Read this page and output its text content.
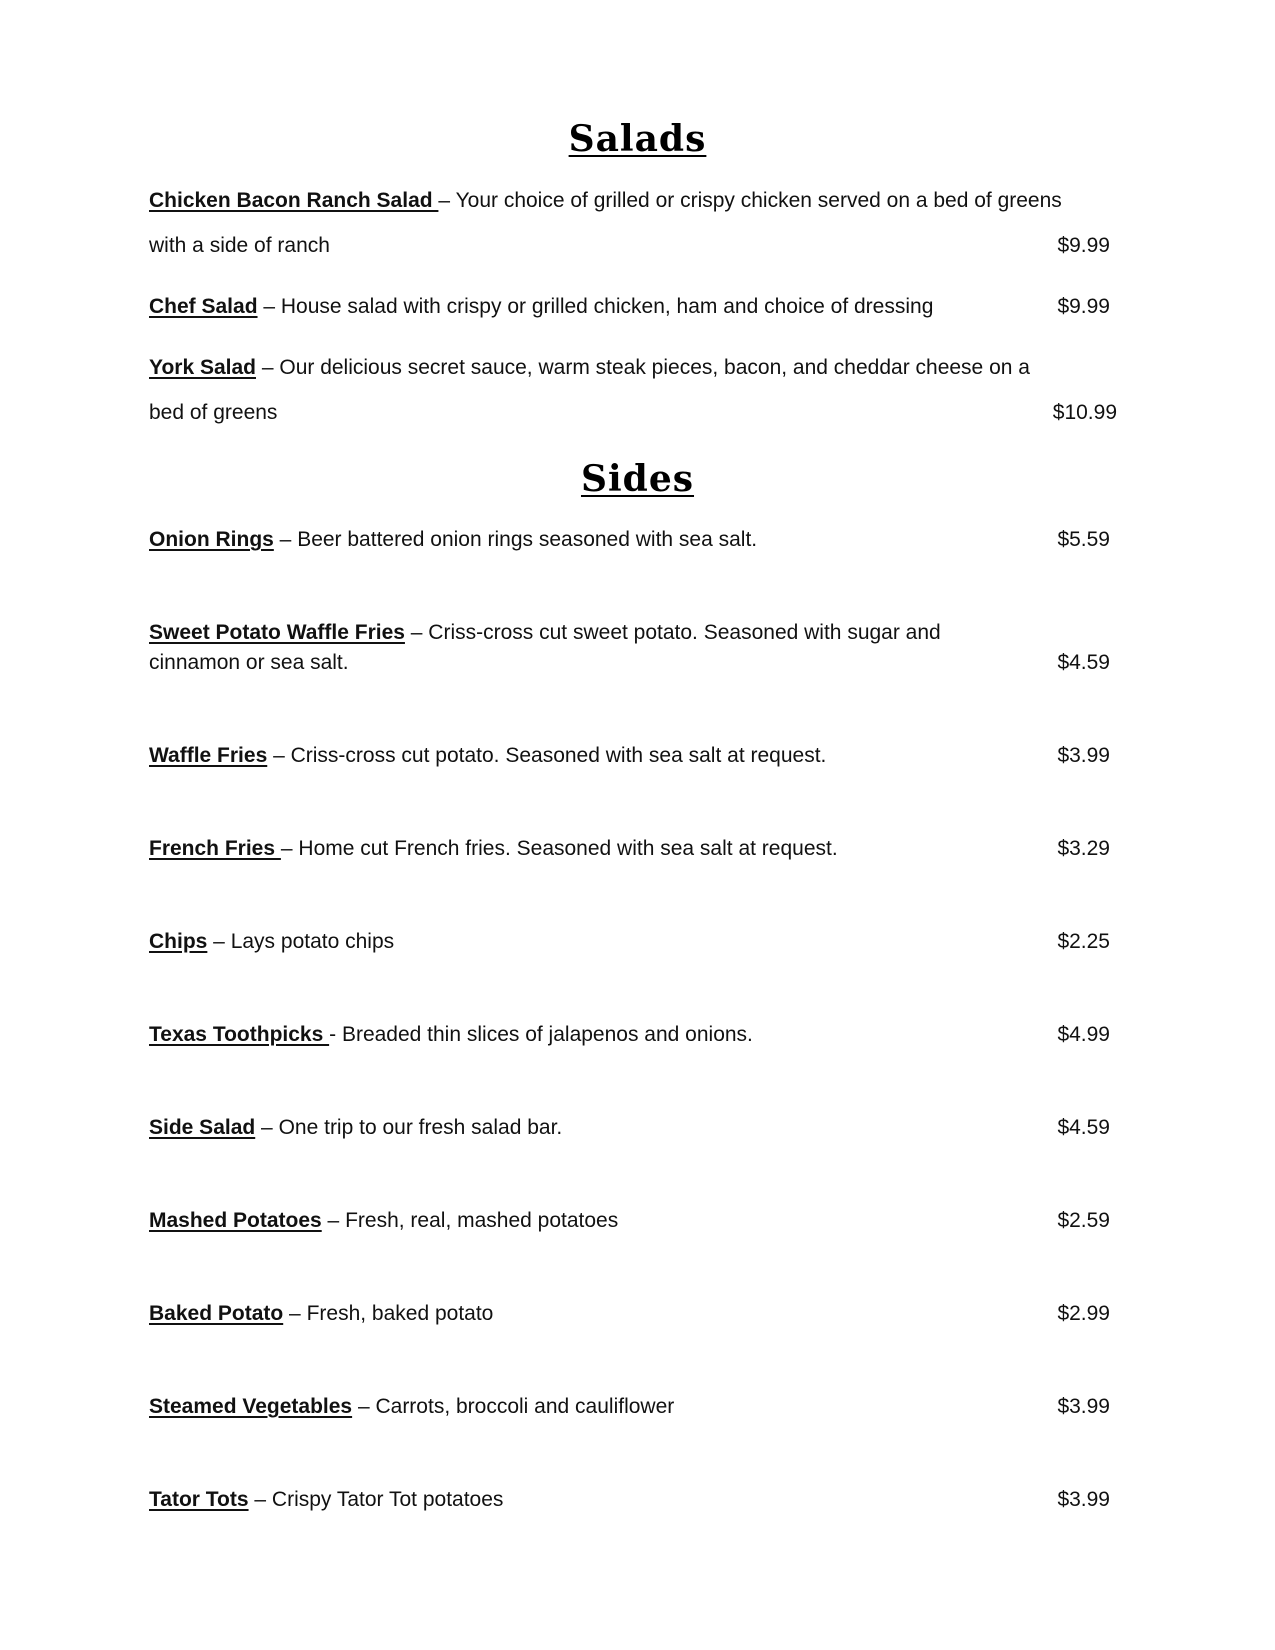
Salads
Chicken Bacon Ranch Salad – Your choice of grilled or crispy chicken served on a bed of greens
with a side of ranch	$9.99
Chef Salad – House salad with crispy or grilled chicken, ham and choice of dressing	$9.99
York Salad – Our delicious secret sauce, warm steak pieces, bacon, and cheddar cheese on a
bed of greens	$10.99
Sides
Onion Rings – Beer battered onion rings seasoned with sea salt.	$5.59
Sweet Potato Waffle Fries – Criss-cross cut sweet potato. Seasoned with sugar and
cinnamon or sea salt.	$4.59
Waffle Fries – Criss-cross cut potato. Seasoned with sea salt at request.	$3.99
French Fries – Home cut French fries. Seasoned with sea salt at request.	$3.29
Chips – Lays potato chips	$2.25
Texas Toothpicks - Breaded thin slices of jalapenos and onions.	$4.99
Side Salad – One trip to our fresh salad bar.	$4.59
Mashed Potatoes – Fresh, real, mashed potatoes	$2.59
Baked Potato – Fresh, baked potato	$2.99
Steamed Vegetables – Carrots, broccoli and cauliflower	$3.99
Tator Tots – Crispy Tator Tot potatoes	$3.99
